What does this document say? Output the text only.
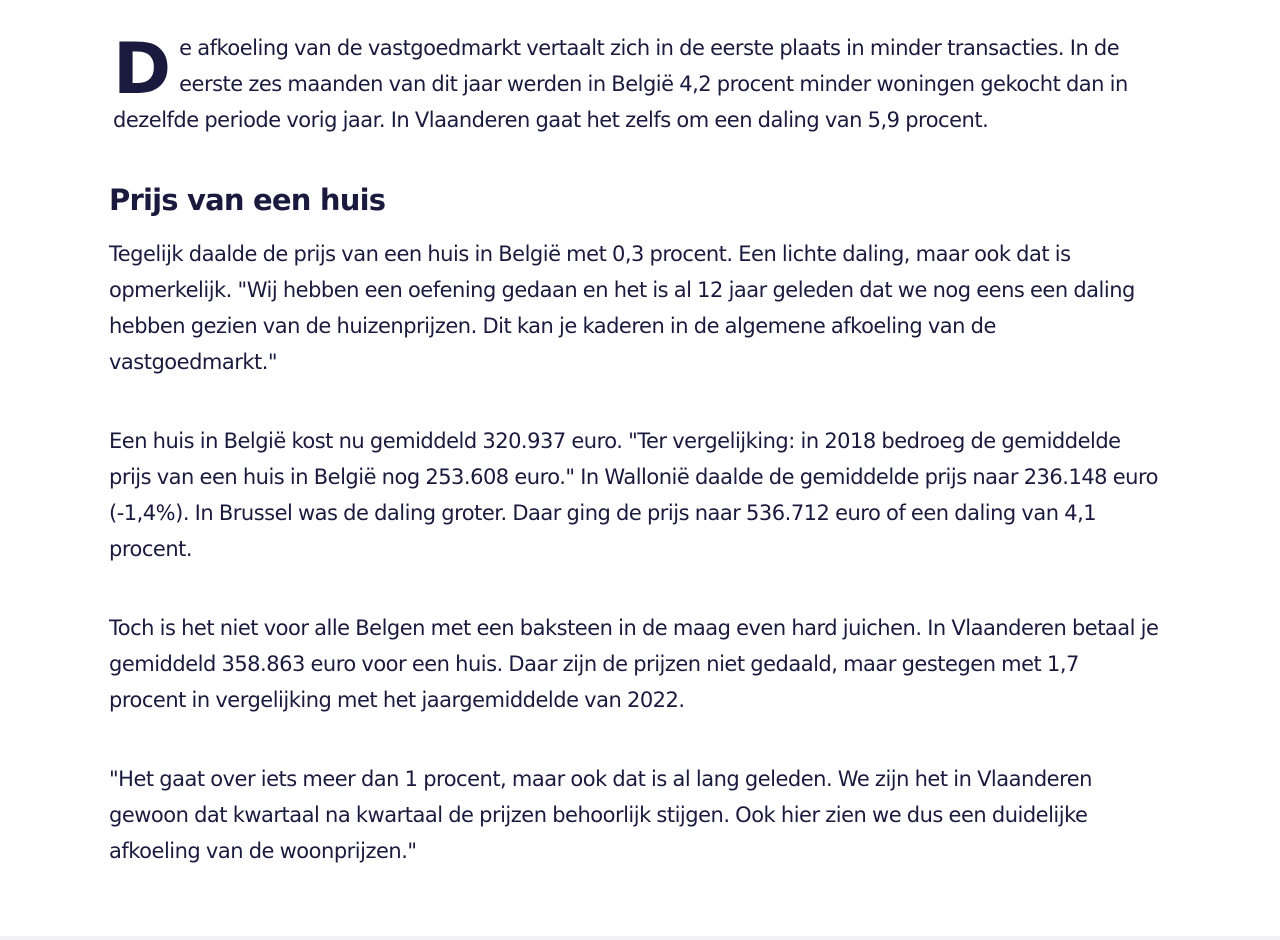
De afkoeling van de vastgoedmarkt vertaalt zich in de eerste plaats in minder transacties. In de eerste zes maanden van dit jaar werden in België 4,2 procent minder woningen gekocht dan in dezelfde periode vorig jaar. In Vlaanderen gaat het zelfs om een daling van 5,9 procent.

Prijs van een huis

Tegelijk daalde de prijs van een huis in België met 0,3 procent. Een lichte daling, maar ook dat is opmerkelijk. "Wij hebben een oefening gedaan en het is al 12 jaar geleden dat we nog eens een daling hebben gezien van de huizenprijzen. Dit kan je kaderen in de algemene afkoeling van de vastgoedmarkt."

Een huis in België kost nu gemiddeld 320.937 euro. "Ter vergelijking: in 2018 bedroeg de gemiddelde prijs van een huis in België nog 253.608 euro." In Wallonië daalde de gemiddelde prijs naar 236.148 euro (-1,4%). In Brussel was de daling groter. Daar ging de prijs naar 536.712 euro of een daling van 4,1 procent.

Toch is het niet voor alle Belgen met een baksteen in de maag even hard juichen. In Vlaanderen betaal je gemiddeld 358.863 euro voor een huis. Daar zijn de prijzen niet gedaald, maar gestegen met 1,7 procent in vergelijking met het jaargemiddelde van 2022.

"Het gaat over iets meer dan 1 procent, maar ook dat is al lang geleden. We zijn het in Vlaanderen gewoon dat kwartaal na kwartaal de prijzen behoorlijk stijgen. Ook hier zien we dus een duidelijke afkoeling van de woonprijzen."
